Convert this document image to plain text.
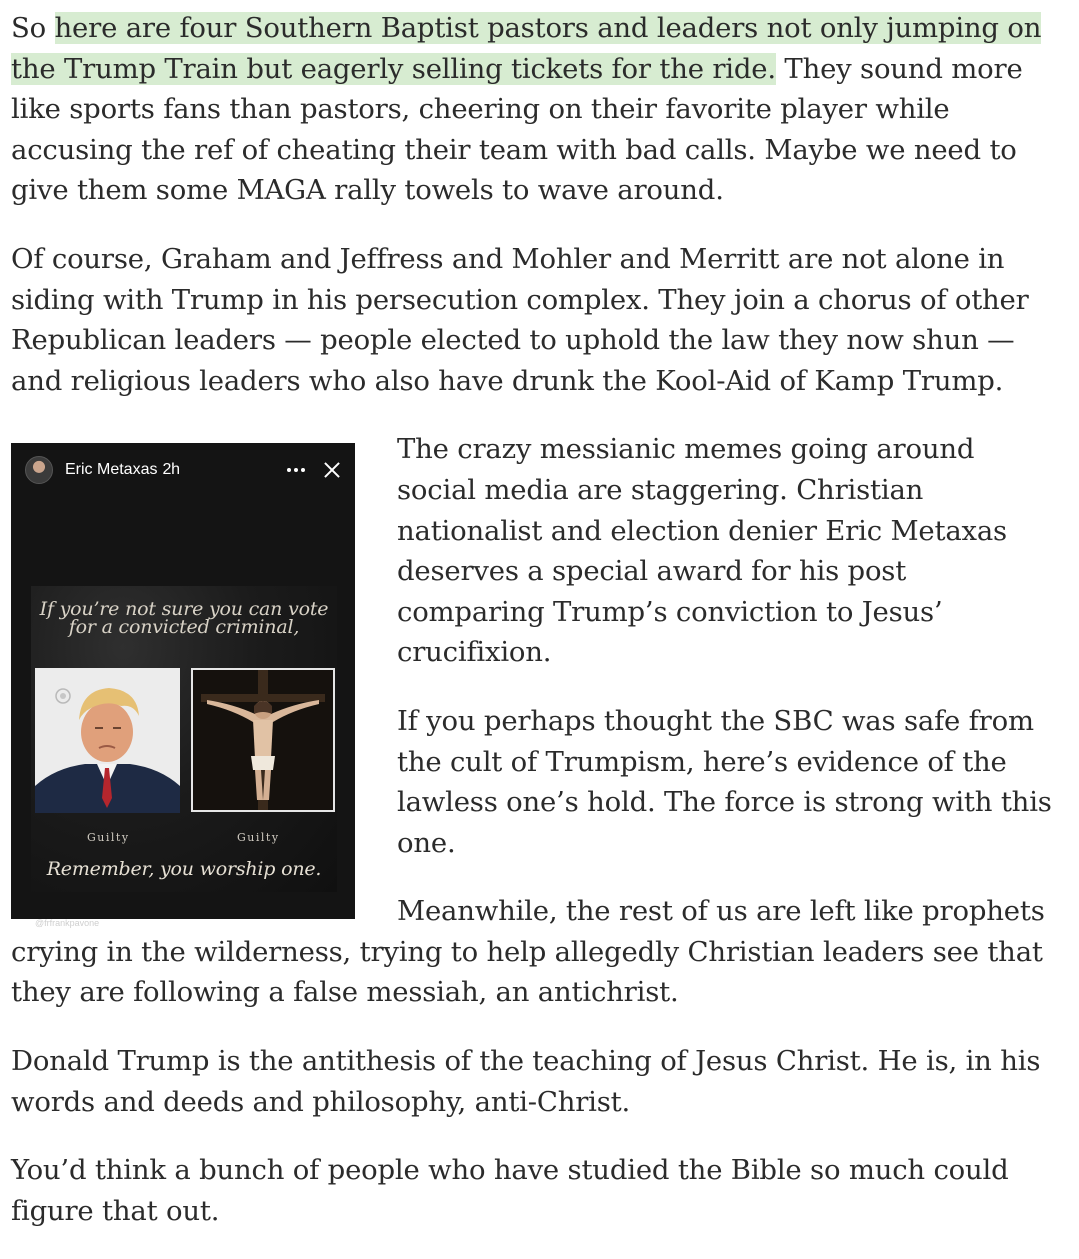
So here are four Southern Baptist pastors and leaders not only jumping on the Trump Train but eagerly selling tickets for the ride. They sound more like sports fans than pastors, cheering on their favorite player while accusing the ref of cheating their team with bad calls. Maybe we need to give them some MAGA rally towels to wave around.

Of course, Graham and Jeffress and Mohler and Merritt are not alone in siding with Trump in his persecution complex. They join a chorus of other Republican leaders — people elected to uphold the law they now shun — and religious leaders who also have drunk the Kool-Aid of Kamp Trump.

Eric Metaxas 2h
If you’re not sure you can vote for a convicted criminal,
Guilty	Guilty
Remember, you worship one.
@frfrankpavone

The crazy messianic memes going around social media are staggering. Christian nationalist and election denier Eric Metaxas deserves a special award for his post comparing Trump’s conviction to Jesus’ crucifixion.

If you perhaps thought the SBC was safe from the cult of Trumpism, here’s evidence of the lawless one’s hold. The force is strong with this one.

Meanwhile, the rest of us are left like prophets crying in the wilderness, trying to help allegedly Christian leaders see that they are following a false messiah, an antichrist.

Donald Trump is the antithesis of the teaching of Jesus Christ. He is, in his words and deeds and philosophy, anti-Christ.

You’d think a bunch of people who have studied the Bible so much could figure that out.
